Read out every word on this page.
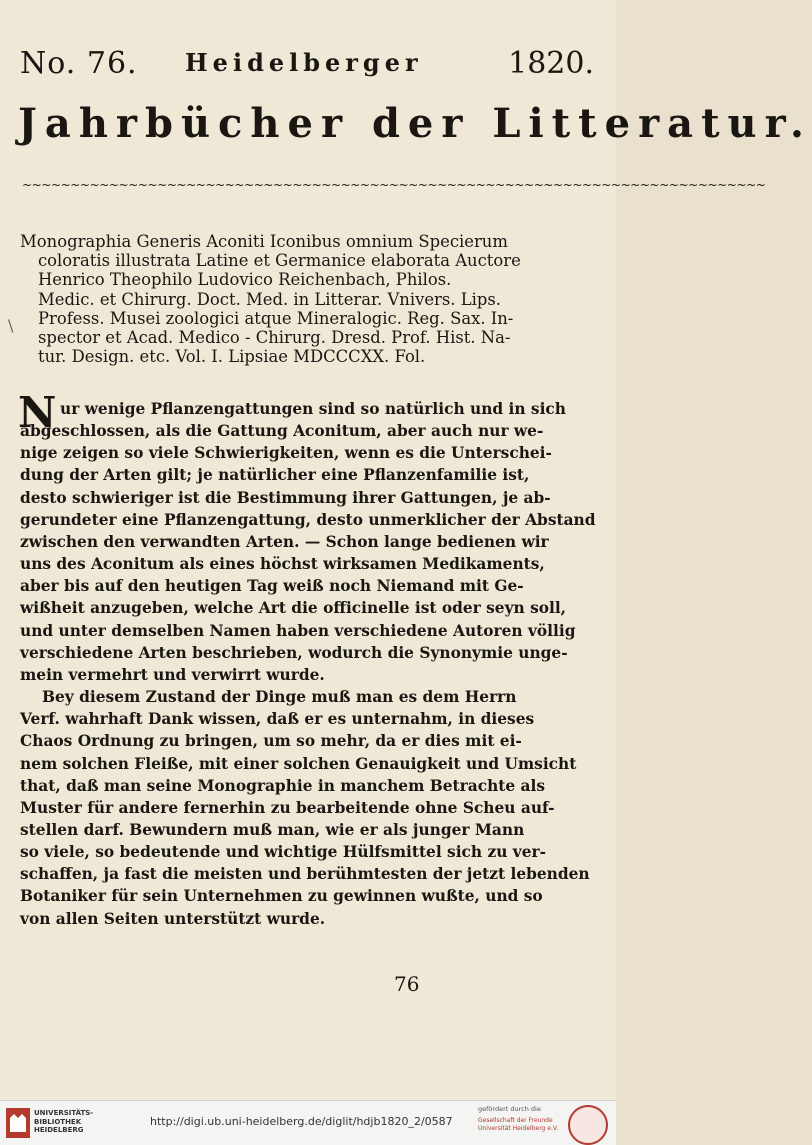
No. 76. Heidelberger	1820.
Jahrbücher der Litteratur.
~~~~~~~~~~~~~~~~~~~~~~~~~~~~~~~~~~~~~~~~~~~~~~~~~~~~~~~~~~~~~~~~~~~~~~~~~~~~~
\
Monographia Generis Aconiti Iconibus omnium Specierum
coloratis illustrata Latine et Germanice elaborata Auctore
Henrico Theophilo Ludovico Reichenbach, Philos.
Medic. et Chirurg. Doct. Med. in Litterar. Vnivers. Lips.
Profess. Musei zoologici atque Mineralogic. Reg. Sax. In-
spector et Acad. Medico - Chirurg. Dresd. Prof. Hist. Na-
tur. Design. etc. Vol. I. Lipsiae MDCCCXX. Fol.
N ur wenige Pflanzengattungen sind so natürlich und in sich
abgeschlossen, als die Gattung Aconitum, aber auch nur we-
nige zeigen so viele Schwierigkeiten, wenn es die Unterschei-
dung der Arten gilt; je natürlicher eine Pflanzenfamilie ist,
desto schwieriger ist die Bestimmung ihrer Gattungen, je ab-
gerundeter eine Pflanzengattung, desto unmerklicher der Abstand
zwischen den verwandten Arten. — Schon lange bedienen wir
uns des Aconitum als eines höchst wirksamen Medikaments,
aber bis auf den heutigen Tag weiß noch Niemand mit Ge-
wißheit anzugeben, welche Art die officinelle ist oder seyn soll,
und unter demselben Namen haben verschiedene Autoren völlig
verschiedene Arten beschrieben, wodurch die Synonymie unge-
mein vermehrt und verwirrt wurde.
Bey diesem Zustand der Dinge muß man es dem Herrn
Verf. wahrhaft Dank wissen, daß er es unternahm, in dieses
Chaos Ordnung zu bringen, um so mehr, da er dies mit ei-
nem solchen Fleiße, mit einer solchen Genauigkeit und Umsicht
that, daß man seine Monographie in manchem Betrachte als
Muster für andere fernerhin zu bearbeitende ohne Scheu auf-
stellen darf. Bewundern muß man, wie er als junger Mann
so viele, so bedeutende und wichtige Hülfsmittel sich zu ver-
schaffen, ja fast die meisten und berühmtesten der jetzt lebenden
Botaniker für sein Unternehmen zu gewinnen wußte, und so
von allen Seiten unterstützt wurde.
76
UNIVERSITÄTS-
BIBLIOTHEK
HEIDELBERG
http://digi.ub.uni-heidelberg.de/diglit/hdjb1820_2/0587
gefördert durch die
Gesellschaft der Freunde
Universität Heidelberg e.V.
